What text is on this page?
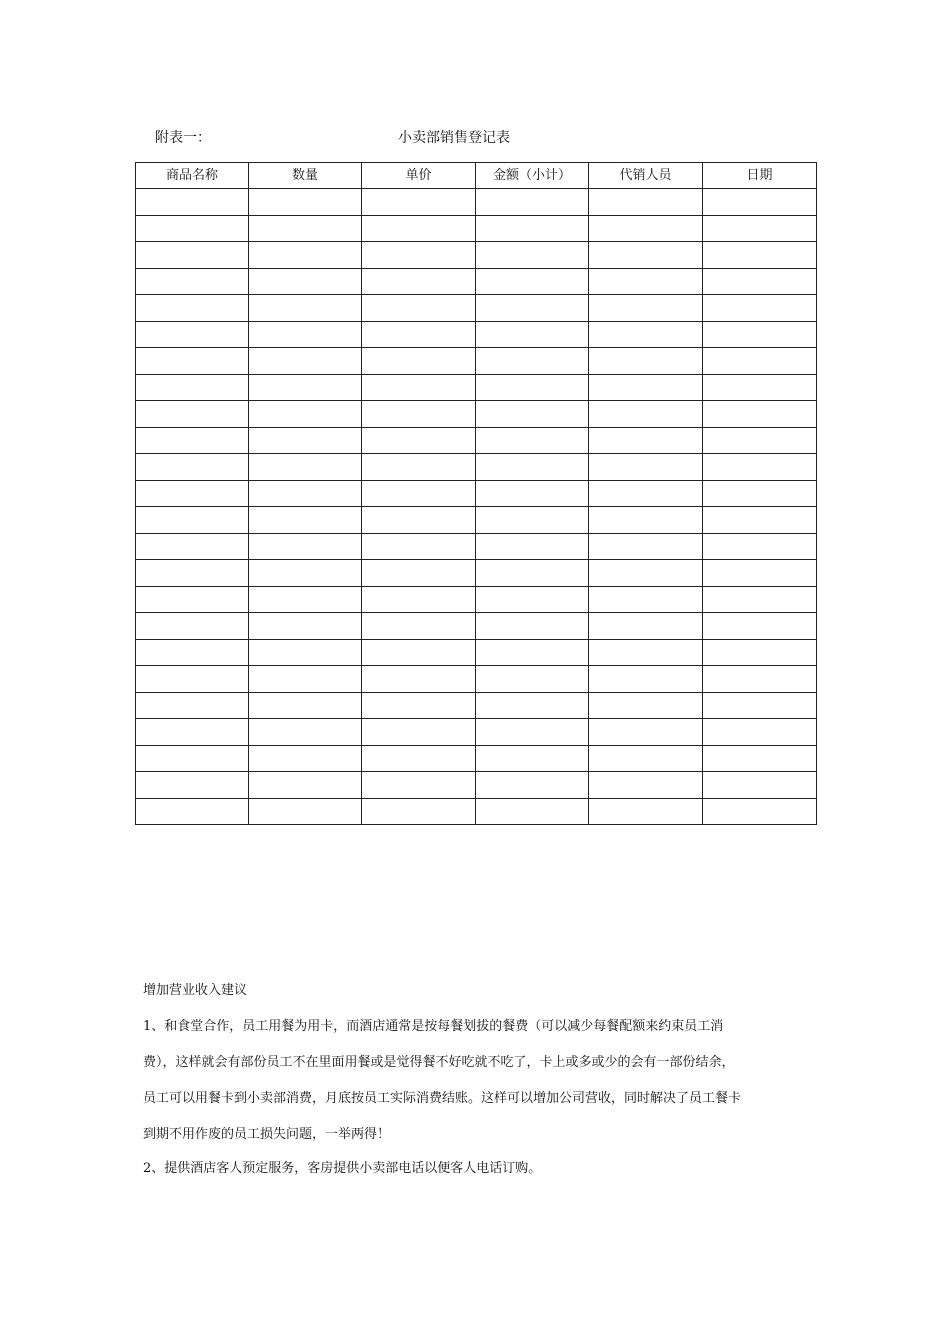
附表一：	小卖部销售登记表
商品名称	数量	单价	金额（小计）	代销人员	日期

增加营业收入建议
1、和食堂合作，员工用餐为用卡，而酒店通常是按每餐划拔的餐费（可以减少每餐配额来约束员工消
费），这样就会有部份员工不在里面用餐或是觉得餐不好吃就不吃了，卡上或多或少的会有一部份结余，
员工可以用餐卡到小卖部消费，月底按员工实际消费结账。这样可以增加公司营收，同时解决了员工餐卡
到期不用作废的员工损失问题，一举两得！
2、提供酒店客人预定服务，客房提供小卖部电话以便客人电话订购。
